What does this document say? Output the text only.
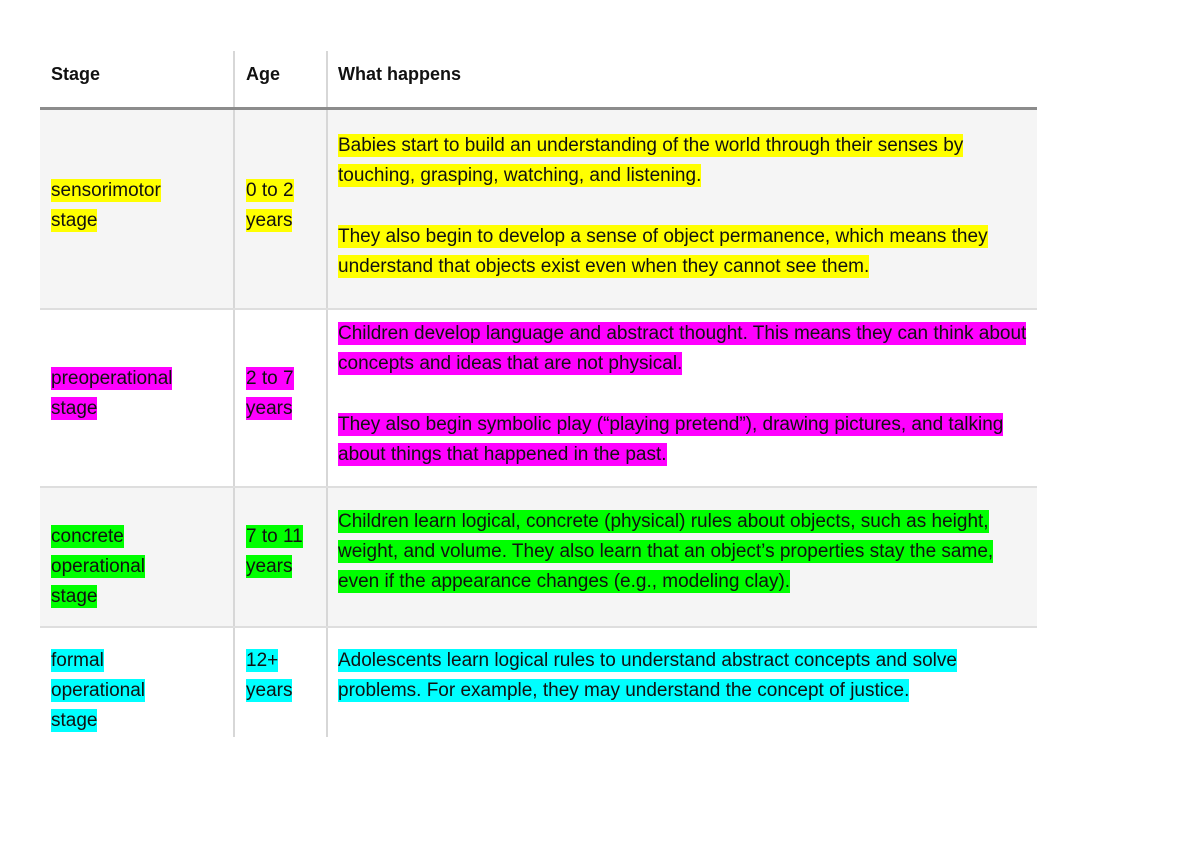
Stage	Age	What happens
sensorimotor stage
0 to 2 years
Babies start to build an understanding of the world through their senses by touching, grasping, watching, and listening.
They also begin to develop a sense of object permanence, which means they understand that objects exist even when they cannot see them.
preoperational stage
2 to 7 years
Children develop language and abstract thought. This means they can think about concepts and ideas that are not physical.
They also begin symbolic play (“playing pretend”), drawing pictures, and talking about things that happened in the past.
concrete operational stage
7 to 11 years
Children learn logical, concrete (physical) rules about objects, such as height, weight, and volume. They also learn that an object’s properties stay the same, even if the appearance changes (e.g., modeling clay).
formal operational stage
12+ years
Adolescents learn logical rules to understand abstract concepts and solve problems. For example, they may understand the concept of justice.
